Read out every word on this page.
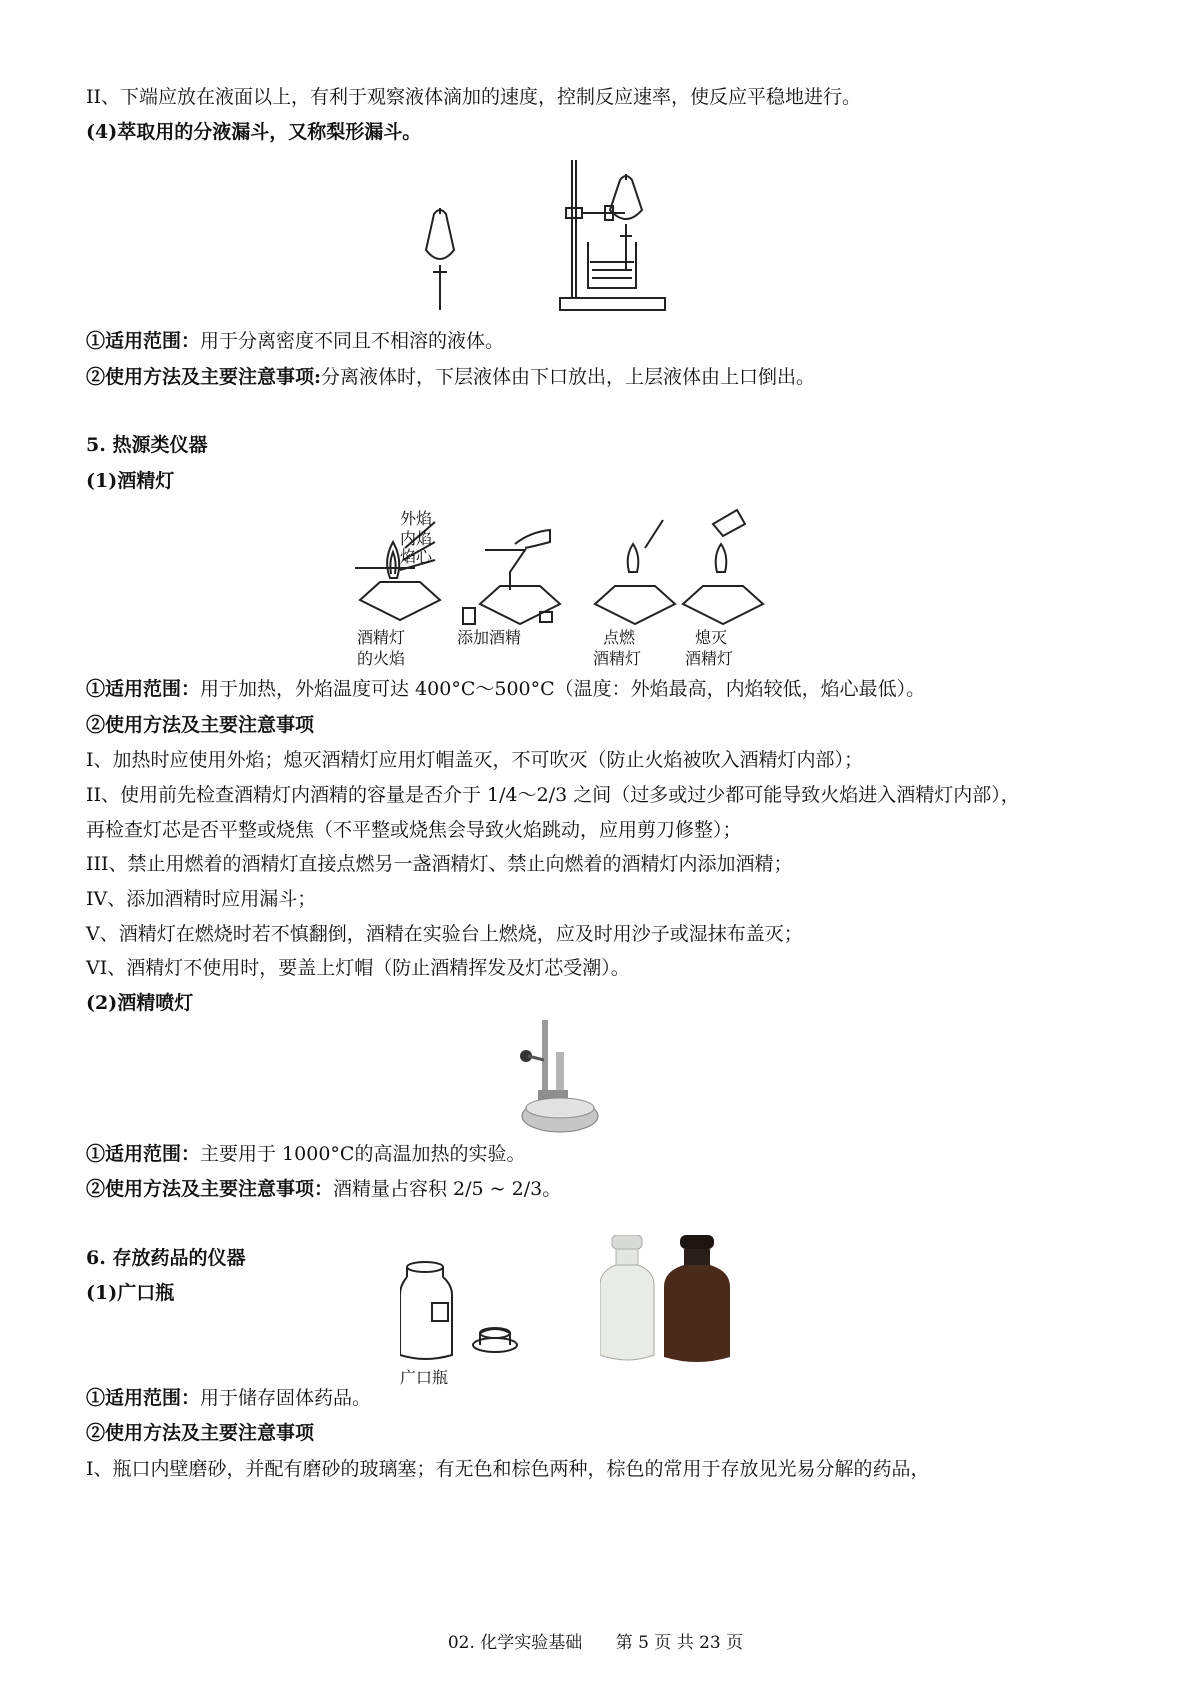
II、下端应放在液面以上，有利于观察液体滴加的速度，控制反应速率，使反应平稳地进行。
(4)萃取用的分液漏斗，又称梨形漏斗。
①适用范围：用于分离密度不同且不相溶的液体。
②使用方法及主要注意事项:分离液体时，下层液体由下口放出，上层液体由上口倒出。
5. 热源类仪器
(1)酒精灯
外焰
内焰
焰心
酒精灯
的火焰
添加酒精	点燃
酒精灯
熄灭
酒精灯
①适用范围：用于加热，外焰温度可达 400°C～500°C（温度：外焰最高，内焰较低，焰心最低）。
②使用方法及主要注意事项
I、加热时应使用外焰；熄灭酒精灯应用灯帽盖灭，不可吹灭（防止火焰被吹入酒精灯内部）；
II、使用前先检查酒精灯内酒精的容量是否介于 1/4～2/3 之间（过多或过少都可能导致火焰进入酒精灯内部），
再检查灯芯是否平整或烧焦（不平整或烧焦会导致火焰跳动，应用剪刀修整）；
III、禁止用燃着的酒精灯直接点燃另一盏酒精灯、禁止向燃着的酒精灯内添加酒精；
IV、添加酒精时应用漏斗；
V、酒精灯在燃烧时若不慎翻倒，酒精在实验台上燃烧，应及时用沙子或湿抹布盖灭；
VI、酒精灯不使用时，要盖上灯帽（防止酒精挥发及灯芯受潮）。
(2)酒精喷灯
①适用范围：主要用于 1000°C的高温加热的实验。
②使用方法及主要注意事项：酒精量占容积 2/5 ~ 2/3。
6. 存放药品的仪器
(1)广口瓶
广口瓶
①适用范围：用于储存固体药品。
②使用方法及主要注意事项
I、瓶口内壁磨砂，并配有磨砂的玻璃塞；有无色和棕色两种，棕色的常用于存放见光易分解的药品，
02. 化学实验基础 第 5 页 共 23 页
